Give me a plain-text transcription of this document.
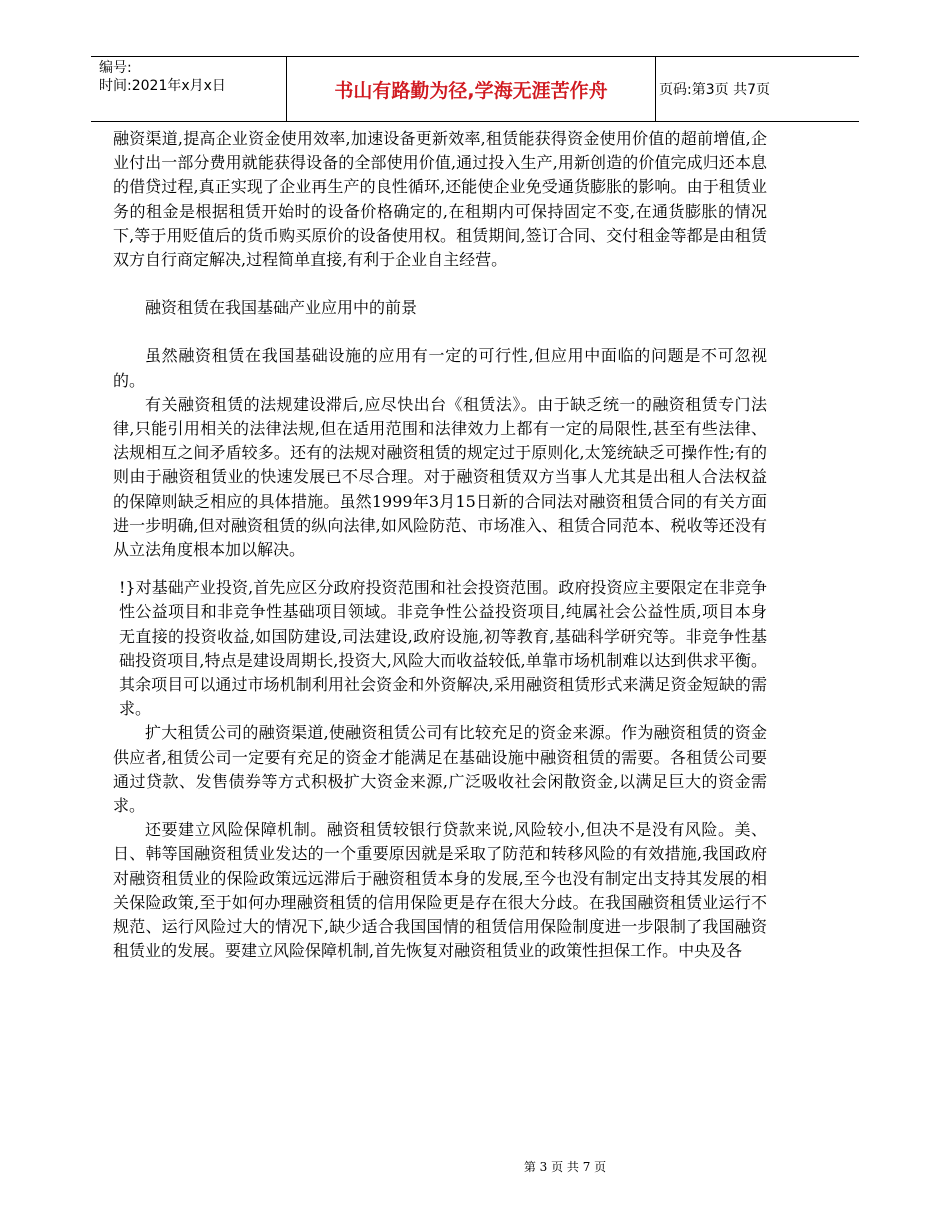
编号:
时间:2021年x月x日	书山有路勤为径,学海无涯苦作舟	页码:第3页 共7页

融资渠道,提高企业资金使用效率,加速设备更新效率,租赁能获得资金使用价值的超前增值,企业付出一部分费用就能获得设备的全部使用价值,通过投入生产,用新创造的价值完成归还本息的借贷过程,真正实现了企业再生产的良性循环,还能使企业免受通货膨胀的影响。由于租赁业务的租金是根据租赁开始时的设备价格确定的,在租期内可保持固定不变,在通货膨胀的情况下,等于用贬值后的货币购买原价的设备使用权。租赁期间,签订合同、交付租金等都是由租赁双方自行商定解决,过程简单直接,有利于企业自主经营。

融资租赁在我国基础产业应用中的前景

虽然融资租赁在我国基础设施的应用有一定的可行性,但应用中面临的问题是不可忽视的。

有关融资租赁的法规建设滞后,应尽快出台《租赁法》。由于缺乏统一的融资租赁专门法律,只能引用相关的法律法规,但在适用范围和法律效力上都有一定的局限性,甚至有些法律、法规相互之间矛盾较多。还有的法规对融资租赁的规定过于原则化,太笼统缺乏可操作性;有的则由于融资租赁业的快速发展已不尽合理。对于融资租赁双方当事人尤其是出租人合法权益的保障则缺乏相应的具体措施。虽然1999年3月15日新的合同法对融资租赁合同的有关方面进一步明确,但对融资租赁的纵向法律,如风险防范、市场准入、租赁合同范本、税收等还没有从立法角度根本加以解决。

!}对基础产业投资,首先应区分政府投资范围和社会投资范围。政府投资应主要限定在非竞争性公益项目和非竞争性基础项目领域。非竞争性公益投资项目,纯属社会公益性质,项目本身无直接的投资收益,如国防建设,司法建设,政府设施,初等教育,基础科学研究等。非竞争性基础投资项目,特点是建设周期长,投资大,风险大而收益较低,单靠市场机制难以达到供求平衡。其余项目可以通过市场机制利用社会资金和外资解决,采用融资租赁形式来满足资金短缺的需求。

扩大租赁公司的融资渠道,使融资租赁公司有比较充足的资金来源。作为融资租赁的资金供应者,租赁公司一定要有充足的资金才能满足在基础设施中融资租赁的需要。各租赁公司要通过贷款、发售债券等方式积极扩大资金来源,广泛吸收社会闲散资金,以满足巨大的资金需求。

还要建立风险保障机制。融资租赁较银行贷款来说,风险较小,但决不是没有风险。美、日、韩等国融资租赁业发达的一个重要原因就是采取了防范和转移风险的有效措施,我国政府对融资租赁业的保险政策远远滞后于融资租赁本身的发展,至今也没有制定出支持其发展的相关保险政策,至于如何办理融资租赁的信用保险更是存在很大分歧。在我国融资租赁业运行不规范、运行风险过大的情况下,缺少适合我国国情的租赁信用保险制度进一步限制了我国融资租赁业的发展。要建立风险保障机制,首先恢复对融资租赁业的政策性担保工作。中央及各

第 3 页 共 7 页
